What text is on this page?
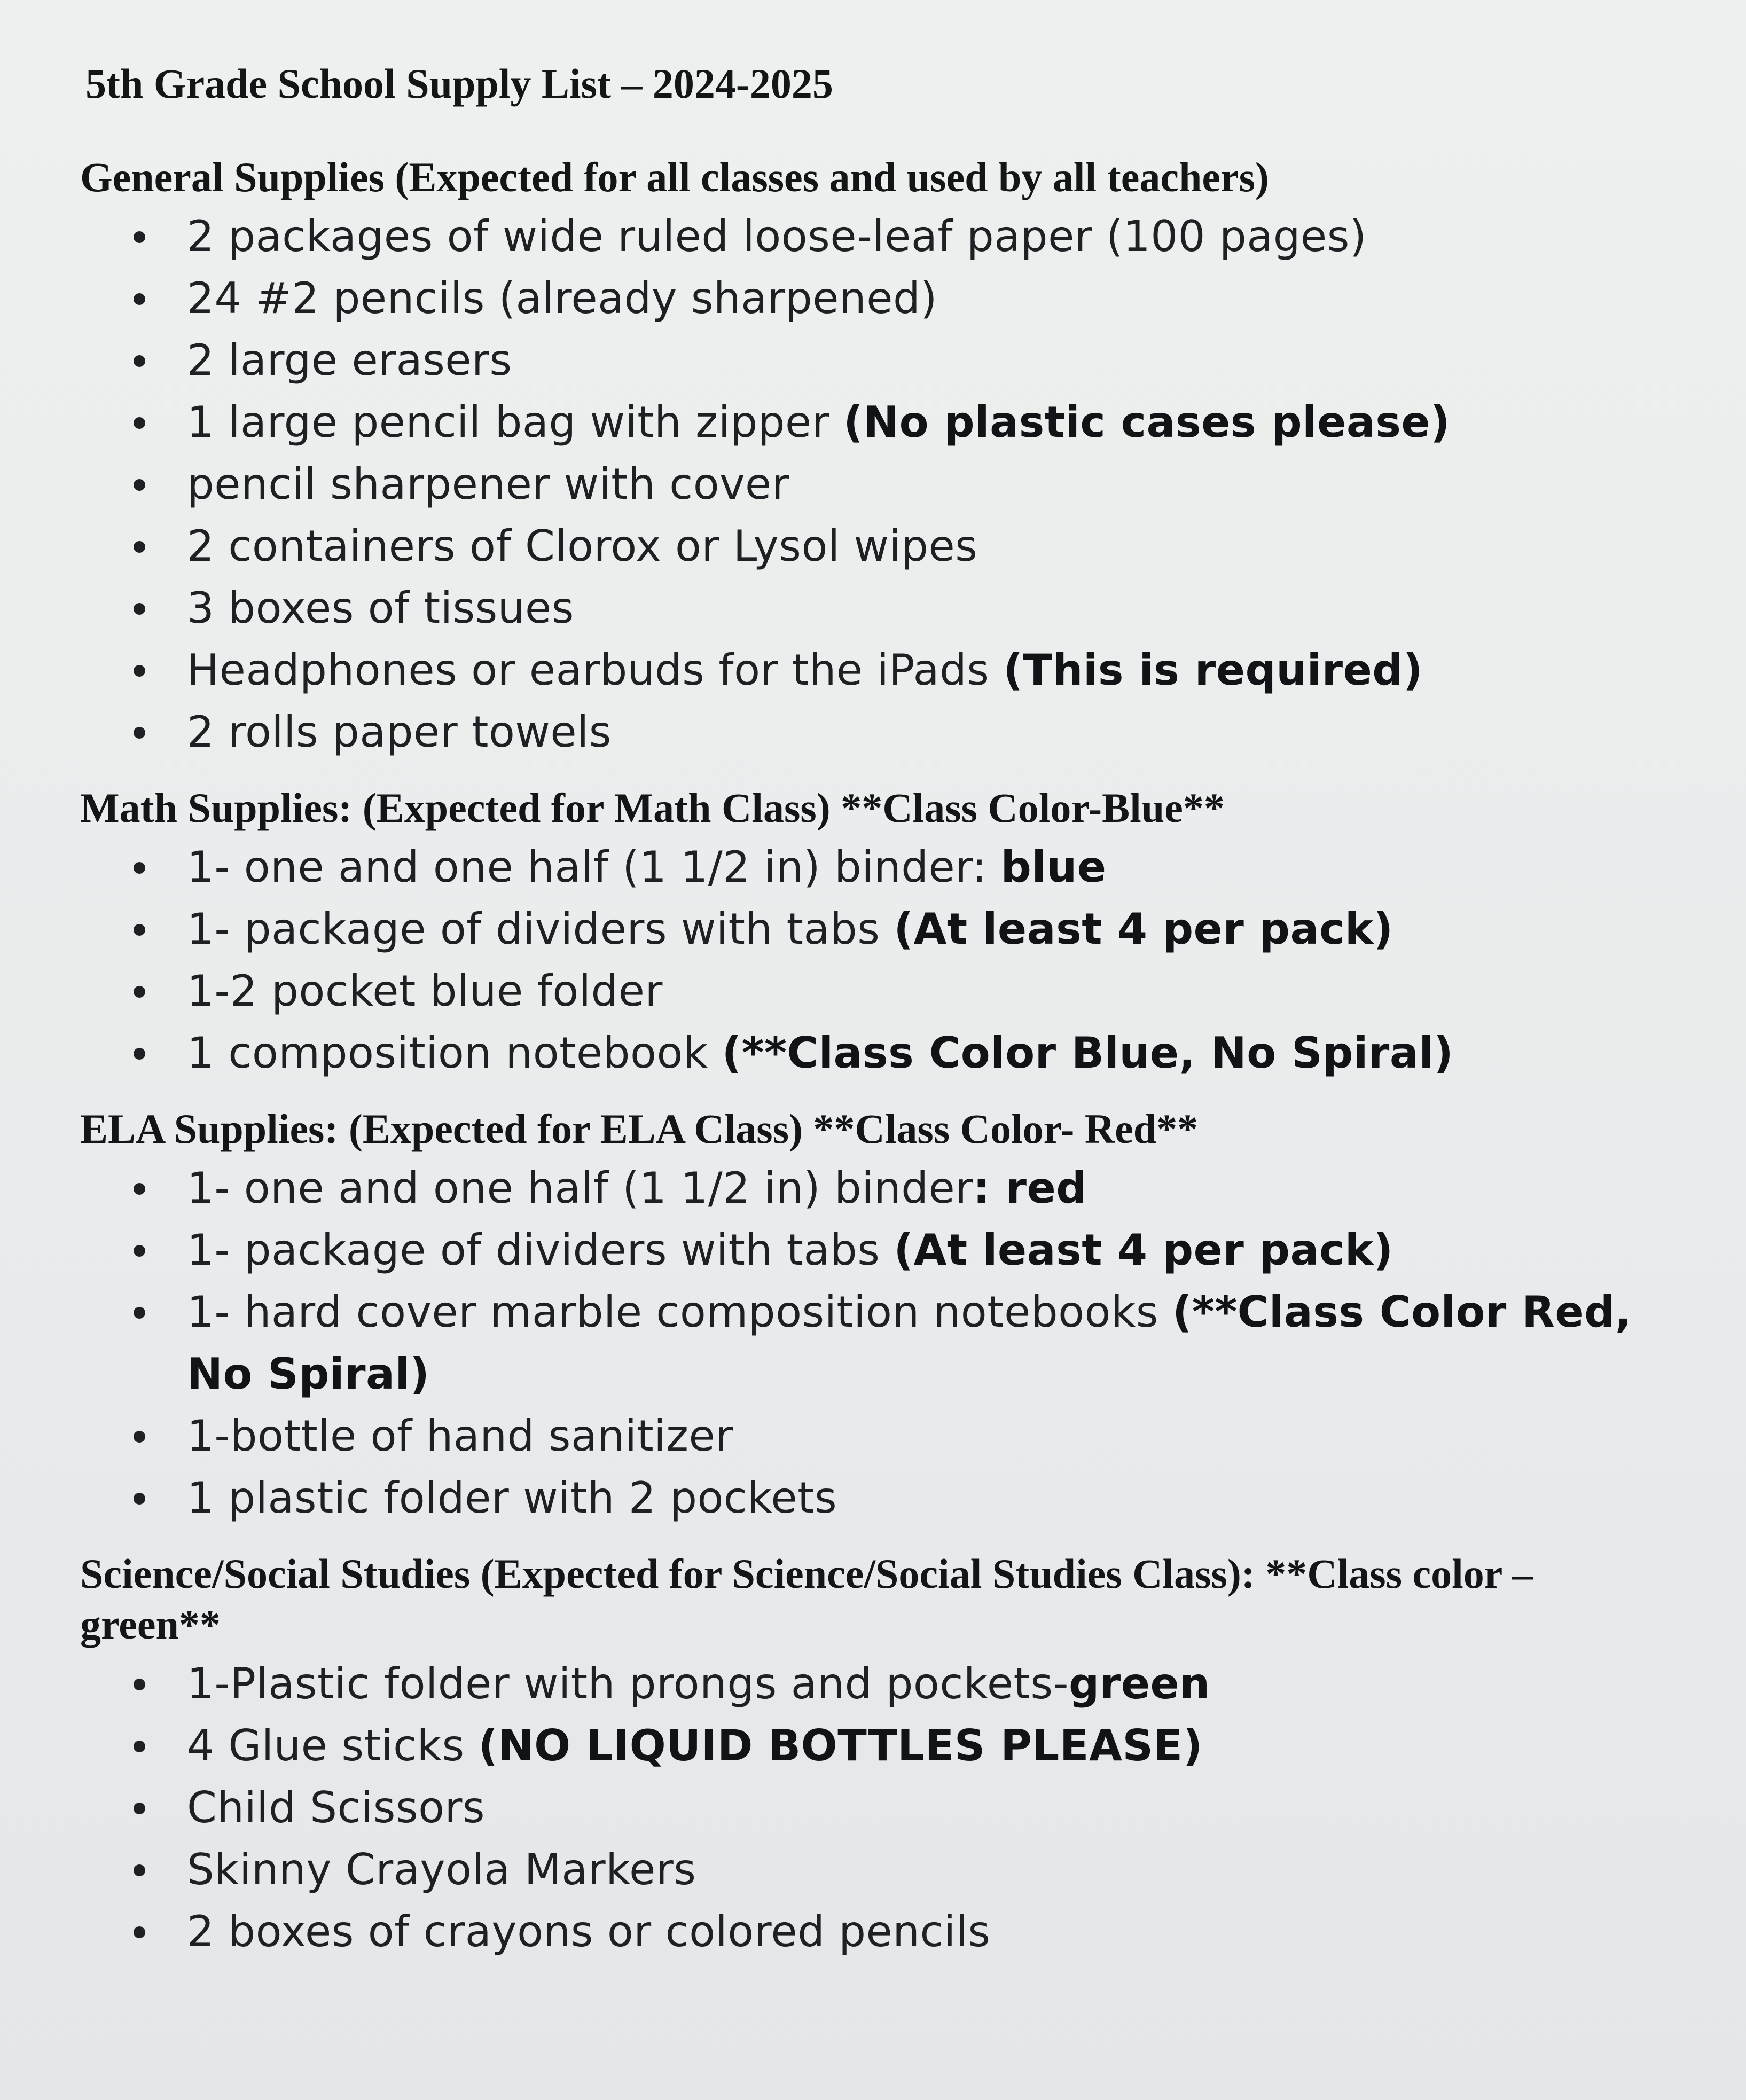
5th Grade School Supply List – 2024-2025
General Supplies (Expected for all classes and used by all teachers)
2 packages of wide ruled loose-leaf paper (100 pages)
24 #2 pencils (already sharpened)
2 large erasers
1 large pencil bag with zipper (No plastic cases please)
pencil sharpener with cover
2 containers of Clorox or Lysol wipes
3 boxes of tissues
Headphones or earbuds for the iPads (This is required)
2 rolls paper towels
Math Supplies: (Expected for Math Class) **Class Color-Blue**
1- one and one half (1 1/2 in) binder: blue
1- package of dividers with tabs (At least 4 per pack)
1-2 pocket blue folder
1 composition notebook (**Class Color Blue, No Spiral)
ELA Supplies: (Expected for ELA Class) **Class Color- Red**
1- one and one half (1 1/2 in) binder: red
1- package of dividers with tabs (At least 4 per pack)
1- hard cover marble composition notebooks (**Class Color Red, No Spiral)
1-bottle of hand sanitizer
1 plastic folder with 2 pockets
Science/Social Studies (Expected for Science/Social Studies Class): **Class color – green**
1-Plastic folder with prongs and pockets-green
4 Glue sticks (NO LIQUID BOTTLES PLEASE)
Child Scissors
Skinny Crayola Markers
2 boxes of crayons or colored pencils
